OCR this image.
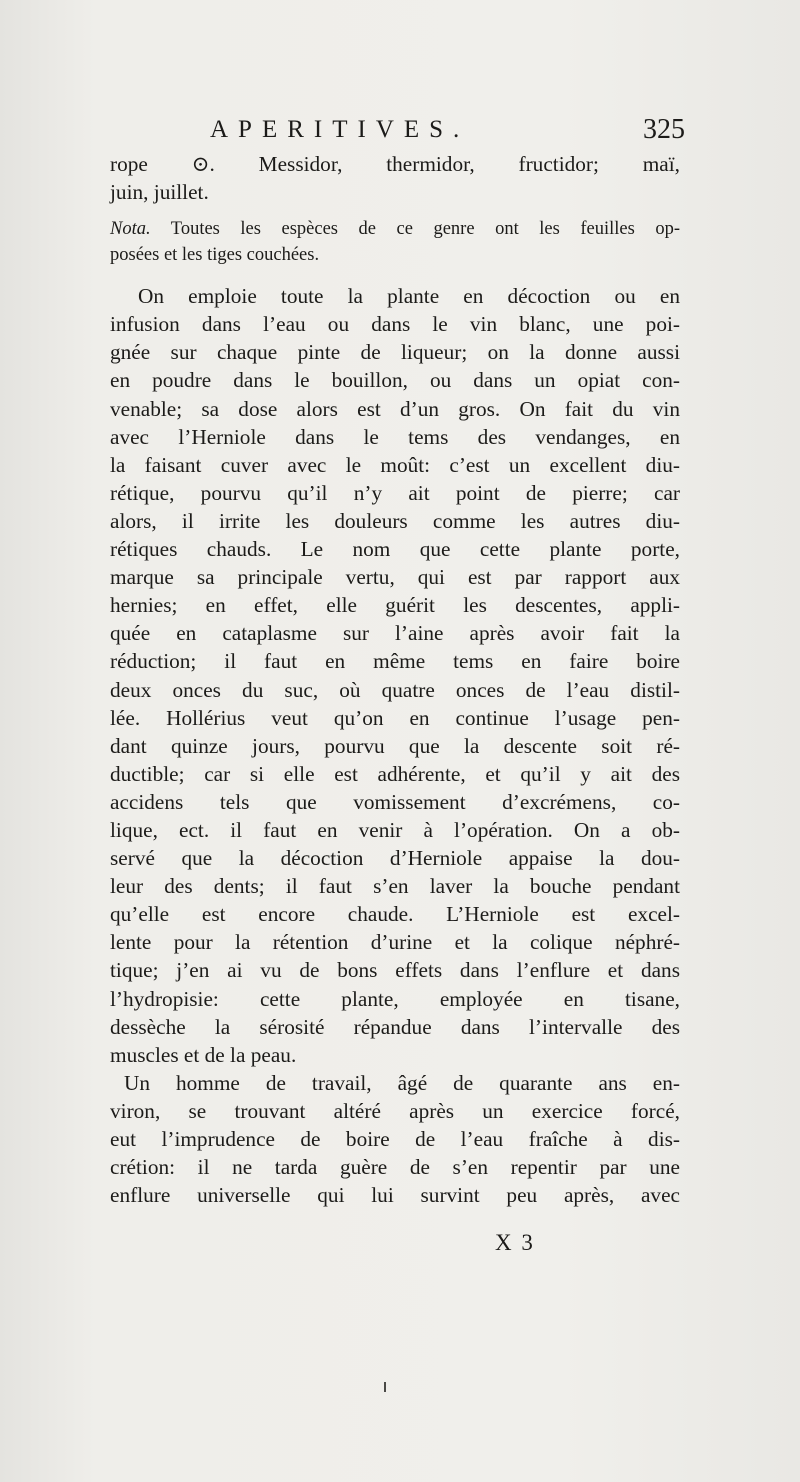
APERITIVES.	325

rope ⊙. Messidor, thermidor, fructidor; maï,
juin, juillet.

Nota. Toutes les espèces de ce genre ont les feuilles op-
posées et les tiges couchées.

On emploie toute la plante en décoction ou en
infusion dans l’eau ou dans le vin blanc, une poi-
gnée sur chaque pinte de liqueur; on la donne aussi
en poudre dans le bouillon, ou dans un opiat con-
venable; sa dose alors est d’un gros. On fait du vin
avec l’Herniole dans le tems des vendanges, en
la faisant cuver avec le moût: c’est un excellent diu-
rétique, pourvu qu’il n’y ait point de pierre; car
alors, il irrite les douleurs comme les autres diu-
rétiques chauds. Le nom que cette plante porte,
marque sa principale vertu, qui est par rapport aux
hernies; en effet, elle guérit les descentes, appli-
quée en cataplasme sur l’aine après avoir fait la
réduction; il faut en même tems en faire boire
deux onces du suc, où quatre onces de l’eau distil-
lée. Hollérius veut qu’on en continue l’usage pen-
dant quinze jours, pourvu que la descente soit ré-
ductible; car si elle est adhérente, et qu’il y ait des
accidens tels que vomissement d’excrémens, co-
lique, ect. il faut en venir à l’opération. On a ob-
servé que la décoction d’Herniole appaise la dou-
leur des dents; il faut s’en laver la bouche pendant
qu’elle est encore chaude. L’Herniole est excel-
lente pour la rétention d’urine et la colique néphré-
tique; j’en ai vu de bons effets dans l’enflure et dans
l’hydropisie: cette plante, employée en tisane,
dessèche la sérosité répandue dans l’intervalle des
muscles et de la peau.

Un homme de travail, âgé de quarante ans en-
viron, se trouvant altéré après un exercice forcé,
eut l’imprudence de boire de l’eau fraîche à dis-
crétion: il ne tarda guère de s’en repentir par une
enflure universelle qui lui survint peu après, avec

X 3
